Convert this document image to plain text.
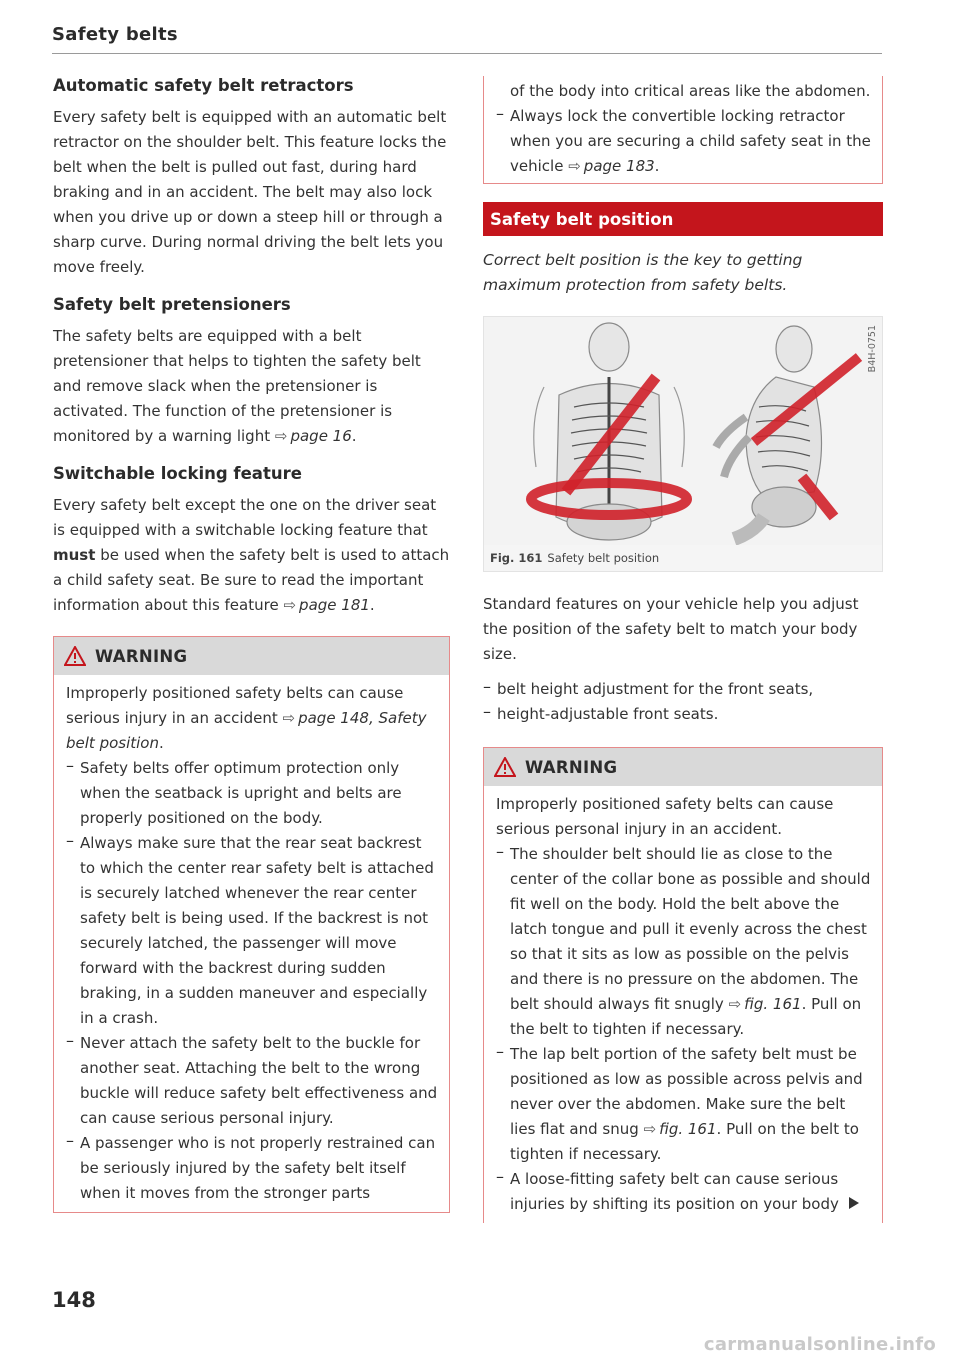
Safety belts
Automatic safety belt retractors

Every safety belt is equipped with an automatic belt retractor on the shoulder belt. This feature locks the belt when the belt is pulled out fast, during hard braking and in an accident. The belt may also lock when you drive up or down a steep hill or through a sharp curve. During normal driving the belt lets you move freely.

Safety belt pretensioners

The safety belts are equipped with a belt pretensioner that helps to tighten the safety belt and remove slack when the pretensioner is activated. The function of the pretensioner is monitored by a warning light ⇨ page 16.

Switchable locking feature

Every safety belt except the one on the driver seat is equipped with a switchable locking feature that must be used when the safety belt is used to attach a child safety seat. Be sure to read the important information about this feature ⇨ page 181.

WARNING

Improperly positioned safety belts can cause serious injury in an accident ⇨ page 148, Safety belt position.

– Safety belts offer optimum protection only when the seatback is upright and belts are properly positioned on the body.
– Always make sure that the rear seat backrest to which the center rear safety belt is attached is securely latched whenever the rear center safety belt is being used. If the backrest is not securely latched, the passenger will move forward with the backrest during sudden braking, in a sudden maneuver and especially in a crash.
– Never attach the safety belt to the buckle for another seat. Attaching the belt to the wrong buckle will reduce safety belt effectiveness and can cause serious personal injury.
– A passenger who is not properly restrained can be seriously injured by the safety belt itself when it moves from the stronger parts
of the body into critical areas like the abdomen.
– Always lock the convertible locking retractor when you are securing a child safety seat in the vehicle ⇨ page 183.
Safety belt position

Correct belt position is the key to getting maximum protection from safety belts.

B4H-0751
Fig. 161 Safety belt position

Standard features on your vehicle help you adjust the position of the safety belt to match your body size.

– belt height adjustment for the front seats,
– height-adjustable front seats.
WARNING

Improperly positioned safety belts can cause serious personal injury in an accident.

– The shoulder belt should lie as close to the center of the collar bone as possible and should fit well on the body. Hold the belt above the latch tongue and pull it evenly across the chest so that it sits as low as possible on the pelvis and there is no pressure on the abdomen. The belt should always fit snugly ⇨ fig. 161. Pull on the belt to tighten if necessary.
– The lap belt portion of the safety belt must be positioned as low as possible across pelvis and never over the abdomen. Make sure the belt lies flat and snug ⇨ fig. 161. Pull on the belt to tighten if necessary.
– A loose-fitting safety belt can cause serious injuries by shifting its position on your body
148
carmanualsonline.info
